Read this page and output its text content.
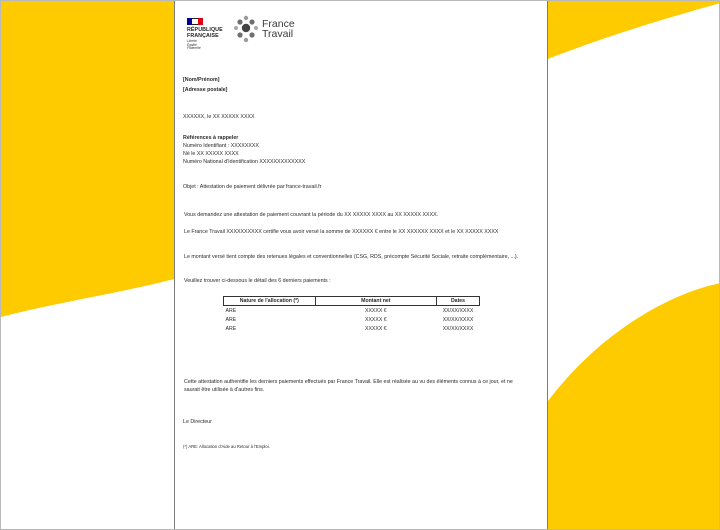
RÉPUBLIQUE
FRANÇAISE
Liberté
Égalité
Fraternité
France
Travail
[Nom/Prénom]
[Adresse postale]
XXXXXX, le XX XXXXX XXXX
Références à rappeler
Numéro Identifiant : XXXXXXXX
Né le XX XXXXX XXXX
Numéro National d'Identification XXXXXXXXXXXXX
Objet : Attestation de paiement délivrée par france-travail.fr
Vous demandez une attestation de paiement couvrant la période du XX XXXXX XXXX au XX XXXXX XXXX.
Le France Travail XXXXXXXXXX certifie vous avoir versé la somme de XXXXXX € entre le XX XXXXXX XXXX et le XX XXXXX XXXX
Le montant versé tient compte des retenues légales et conventionnelles (CSG, RDS, précompte Sécurité Sociale, retraite complémentaire, ...).
Veuillez trouver ci-dessous le détail des 6 derniers paiements :
Nature de l'allocation (*)	Montant net	Dates
ARE	XXXXX €	XX/XX/XXXX
ARE	XXXXX €	XX/XX/XXXX
ARE	XXXXX €	XX/XX/XXXX
Cette attestation authentifie les derniers paiements effectués par France Travail. Elle est réalisée au vu des éléments connus à ce jour, et ne saurait être utilisée à d'autres fins.
Le Directeur
(*) ARE: Allocation d'Aide au Retour à l'Emploi.
